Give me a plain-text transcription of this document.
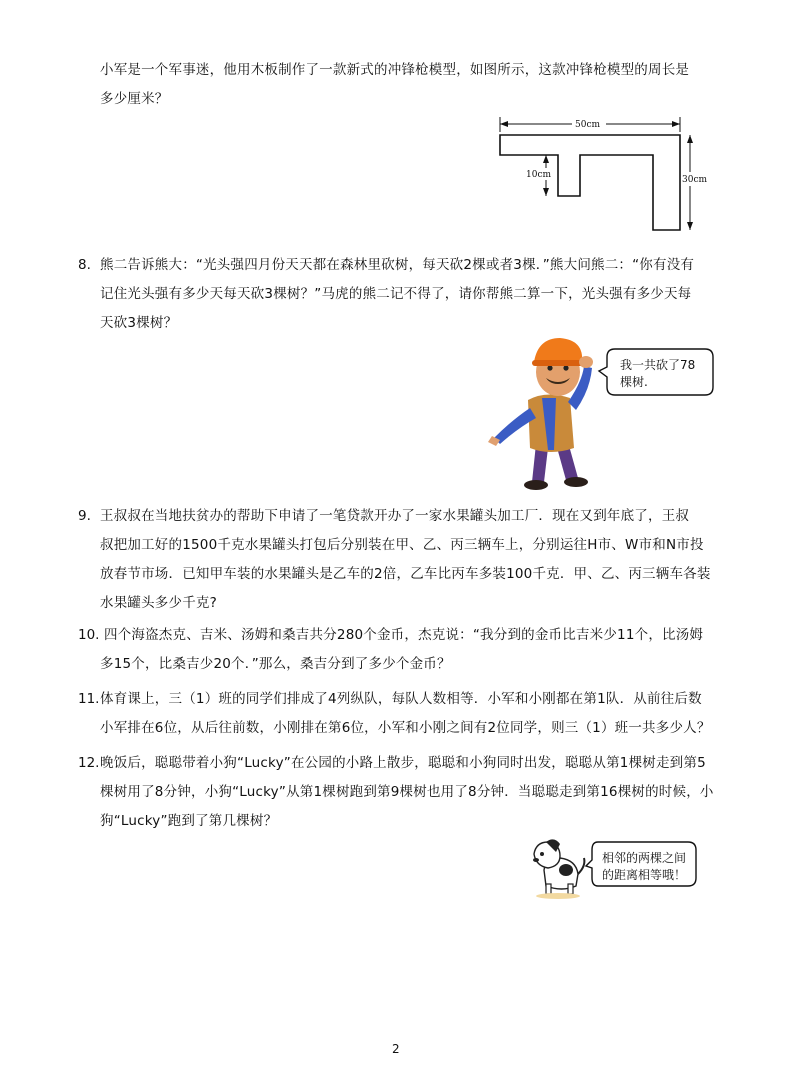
小军是一个军事迷，他用木板制作了一款新式的冲锋枪模型，如图所示，这款冲锋枪模型的周长是
多少厘米？
50cm
10cm	30cm
8. 熊二告诉熊大：“光头强四月份天天都在森林里砍树，每天砍2棵或者3棵．”熊大问熊二：“你有没有
记住光头强有多少天每天砍3棵树？”马虎的熊二记不得了，请你帮熊二算一下，光头强有多少天每
天砍3棵树？
我一共砍了78
棵树.
9. 王叔叔在当地扶贫办的帮助下申请了一笔贷款开办了一家水果罐头加工厂．现在又到年底了，王叔
叔把加工好的1500千克水果罐头打包后分别装在甲、乙、丙三辆车上，分别运往H市、W市和N市投
放春节市场．已知甲车装的水果罐头是乙车的2倍，乙车比丙车多装100千克．甲、乙、丙三辆车各装
水果罐头多少千克?
10. 四个海盗杰克、吉米、汤姆和桑吉共分280个金币，杰克说：“我分到的金币比吉米少11个，比汤姆
多15个，比桑吉少20个．”那么，桑吉分到了多少个金币？
11. 体育课上，三（1）班的同学们排成了4列纵队，每队人数相等．小军和小刚都在第1队．从前往后数
小军排在6位，从后往前数，小刚排在第6位，小军和小刚之间有2位同学，则三（1）班一共多少人？
12. 晚饭后，聪聪带着小狗“Lucky”在公园的小路上散步，聪聪和小狗同时出发，聪聪从第1棵树走到第5
棵树用了8分钟，小狗“Lucky”从第1棵树跑到第9棵树也用了8分钟．当聪聪走到第16棵树的时候，小
狗“Lucky”跑到了第几棵树？
相邻的两棵之间
的距离相等哦！
2
